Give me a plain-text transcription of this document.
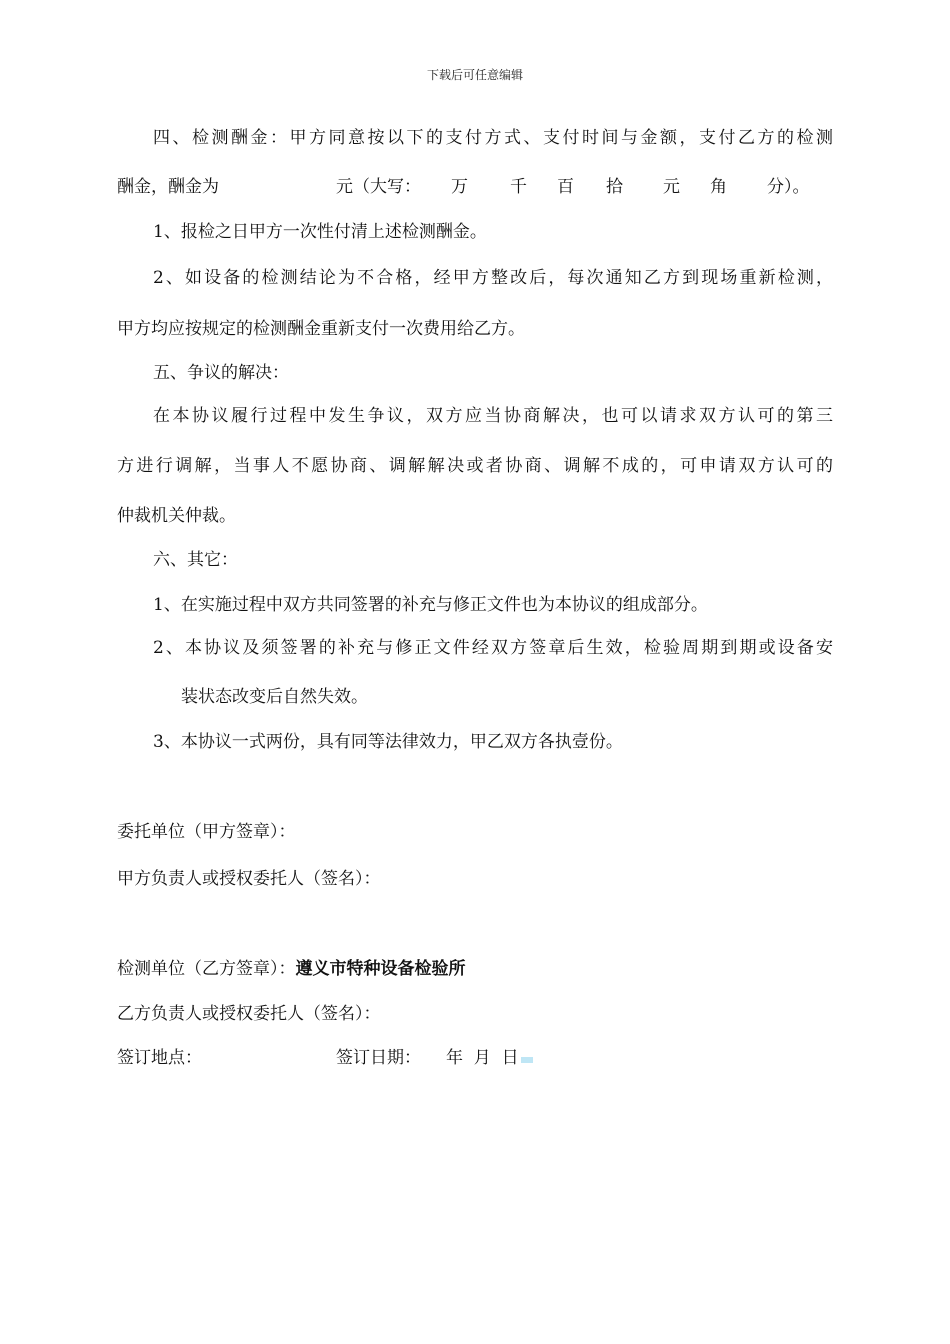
下载后可任意编辑
四、检测酬金：甲方同意按以下的支付方式、支付时间与金额，支付乙方的检测
酬金，酬金为	元（大写： 万 千 百 拾 元 角 分）。
1、报检之日甲方一次性付清上述检测酬金。
2、如设备的检测结论为不合格，经甲方整改后，每次通知乙方到现场重新检测，
甲方均应按规定的检测酬金重新支付一次费用给乙方。
五、争议的解决：
在本协议履行过程中发生争议，双方应当协商解决，也可以请求双方认可的第三
方进行调解，当事人不愿协商、调解解决或者协商、调解不成的，可申请双方认可的
仲裁机关仲裁。
六、其它：
1、在实施过程中双方共同签署的补充与修正文件也为本协议的组成部分。
2、本协议及须签署的补充与修正文件经双方签章后生效，检验周期到期或设备安
装状态改变后自然失效。
3、本协议一式两份，具有同等法律效力，甲乙双方各执壹份。
委托单位（甲方签章）：
甲方负责人或授权委托人（签名）：
检测单位（乙方签章）：遵义市特种设备检验所
乙方负责人或授权委托人（签名）：
签订地点：	签订日期： 年  月  日
